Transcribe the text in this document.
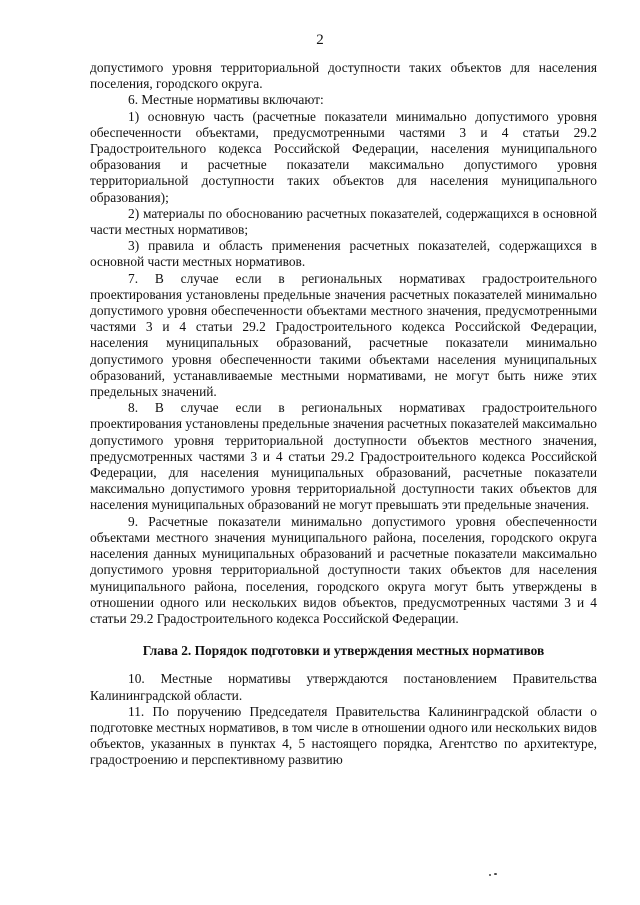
2

допустимого уровня территориальной доступности таких объектов для населения поселения, городского округа.

6. Местные нормативы включают:

1) основную часть (расчетные показатели минимально допустимого уровня обеспеченности объектами, предусмотренными частями 3 и 4 статьи 29.2 Градостроительного кодекса Российской Федерации, населения муниципального образования и расчетные показатели максимально допустимого уровня территориальной доступности таких объектов для населения муниципального образования);

2) материалы по обоснованию расчетных показателей, содержащихся в основной части местных нормативов;

3) правила и область применения расчетных показателей, содержащихся в основной части местных нормативов.

7. В случае если в региональных нормативах градостроительного проектирования установлены предельные значения расчетных показателей минимально допустимого уровня обеспеченности объектами местного значения, предусмотренными частями 3 и 4 статьи 29.2 Градостроительного кодекса Российской Федерации, населения муниципальных образований, расчетные показатели минимально допустимого уровня обеспеченности такими объектами населения муниципальных образований, устанавливаемые местными нормативами, не могут быть ниже этих предельных значений.

8. В случае если в региональных нормативах градостроительного проектирования установлены предельные значения расчетных показателей максимально допустимого уровня территориальной доступности объектов местного значения, предусмотренных частями 3 и 4 статьи 29.2 Градостроительного кодекса Российской Федерации, для населения муниципальных образований, расчетные показатели максимально допустимого уровня территориальной доступности таких объектов для населения муниципальных образований не могут превышать эти предельные значения.

9. Расчетные показатели минимально допустимого уровня обеспеченности объектами местного значения муниципального района, поселения, городского округа населения данных муниципальных образований и расчетные показатели максимально допустимого уровня территориальной доступности таких объектов для населения муниципального района, поселения, городского округа могут быть утверждены в отношении одного или нескольких видов объектов, предусмотренных частями 3 и 4 статьи 29.2 Градостроительного кодекса Российской Федерации.

Глава 2. Порядок подготовки и утверждения местных нормативов

10. Местные нормативы утверждаются постановлением Правительства Калининградской области.

11. По поручению Председателя Правительства Калининградской области о подготовке местных нормативов, в том числе в отношении одного или нескольких видов объектов, указанных в пунктах 4, 5 настоящего порядка, Агентство по архитектуре, градостроению и перспективному развитию
